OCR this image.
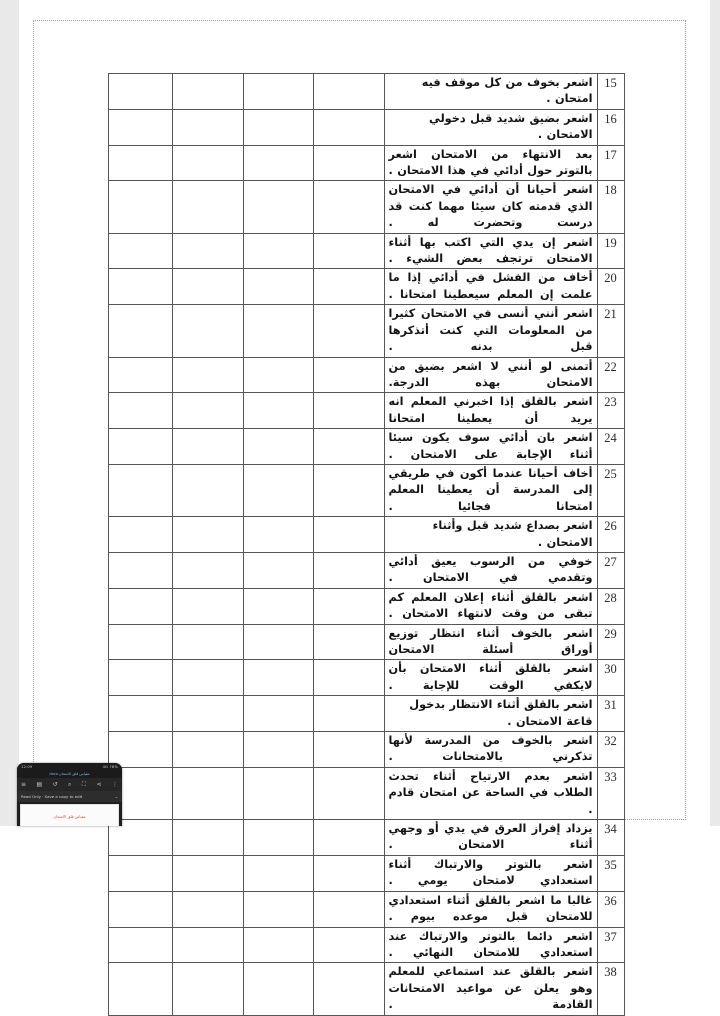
15	اشعر بخوف من كل موقف فيه امتحان .				
16	اشعر بضيق شديد قبل دخولي الامتحان .				
17	بعد الانتهاء من الامتحان اشعر بالتوتر حول أدائي في هذا الامتحان .				
18	اشعر أحيانا أن أدائي في الامتحان الذي قدمته كان سيئا مهما كنت قد درست وتحضرت له .				
19	اشعر إن يدي التي اكتب بها أثناء الامتحان ترتجف بعض الشيء .				
20	أخاف من الفشل في أدائي إذا ما علمت إن المعلم سيعطينا امتحانا .				
21	اشعر أنني أنسى في الامتحان كثيرا من المعلومات التي كنت أتذكرها قبل بدنه .				
22	أتمنى لو أنني لا اشعر بضيق من الامتحان بهذه الدرجة.				
23	اشعر بالقلق إذا اخبرني المعلم انه يريد أن يعطينا امتحانا				
24	اشعر بان أدائي سوف يكون سيئا أثناء الإجابة على الامتحان .				
25	أخاف أحيانا عندما أكون في طريقي إلى المدرسة أن يعطينا المعلم امتحانا فجائيا .				
26	اشعر بصداع شديد قبل وأثناء الامتحان .				
27	خوفي من الرسوب يعيق أدائي وتقدمي في الامتحان .				
28	اشعر بالقلق أثناء إعلان المعلم كم تبقى من وقت لانتهاء الامتحان .				
29	اشعر بالخوف أثناء انتظار توزيع أوراق أسئلة الامتحان				
30	اشعر بالقلق أثناء الامتحان بأن لايكفي الوقت للإجابة .				
31	اشعر بالقلق أثناء الانتظار بدخول قاعة الامتحان .				
32	اشعر بالخوف من المدرسة لأنها تذكرني بالامتحانات .				
33	اشعر بعدم الارتياح أثناء تحدث الطلاب في الساحة عن امتحان قادم .				
34	يزداد إفراز العرق في يدي أو وجهي أثناء الامتحان .				
35	اشعر بالتوتر والارتباك أثناء استعدادي لامتحان يومي .				
36	غالبا ما اشعر بالقلق أثناء استعدادي للامتحان قبل موعده بيوم .				
37	اشعر دائما بالتوتر والارتباك عند استعدادي للامتحان النهائي .				
38	اشعر بالقلق عند استماعي للمعلم وهو يعلن عن مواعيد الامتحانات القادمة .				
12:09	4G 78%
مقياس قلق الامتحان.docx
≡ ▤ ↺ ⌕ ⛶ ⋖ ⋮
Read Only · Save a copy to edit	⌄
مقياس قلق الامتحان
